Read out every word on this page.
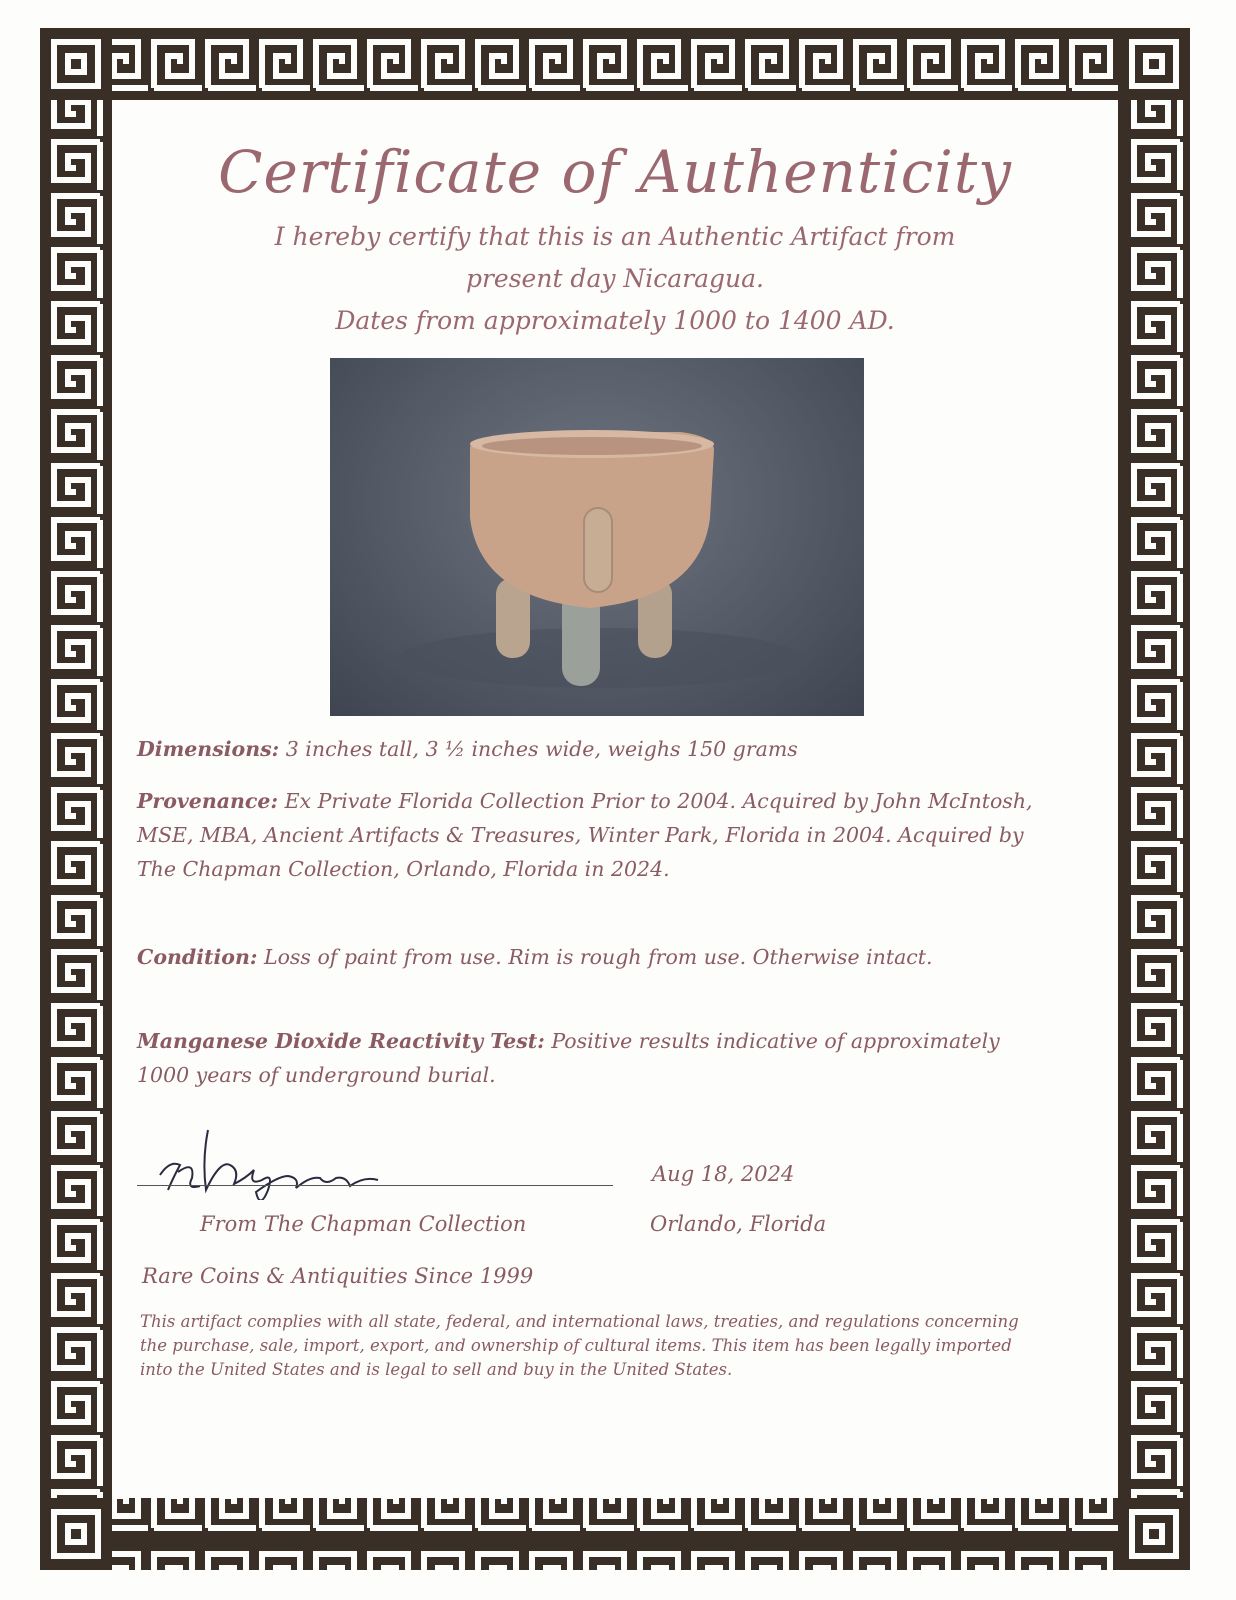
Certificate of Authenticity
I hereby certify that this is an Authentic Artifact from
present day Nicaragua.
Dates from approximately 1000 to 1400 AD.
Dimensions: 3 inches tall, 3 ½ inches wide, weighs 150 grams
Provenance: Ex Private Florida Collection Prior to 2004. Acquired by John McIntosh, MSE, MBA, Ancient Artifacts & Treasures, Winter Park, Florida in 2004. Acquired by The Chapman Collection, Orlando, Florida in 2024.
Condition: Loss of paint from use. Rim is rough from use. Otherwise intact.
Manganese Dioxide Reactivity Test: Positive results indicative of approximately 1000 years of underground burial.
From The Chapman Collection
Aug 18, 2024
Orlando, Florida
Rare Coins & Antiquities Since 1999
This artifact complies with all state, federal, and international laws, treaties, and regulations concerning the purchase, sale, import, export, and ownership of cultural items. This item has been legally imported into the United States and is legal to sell and buy in the United States.
